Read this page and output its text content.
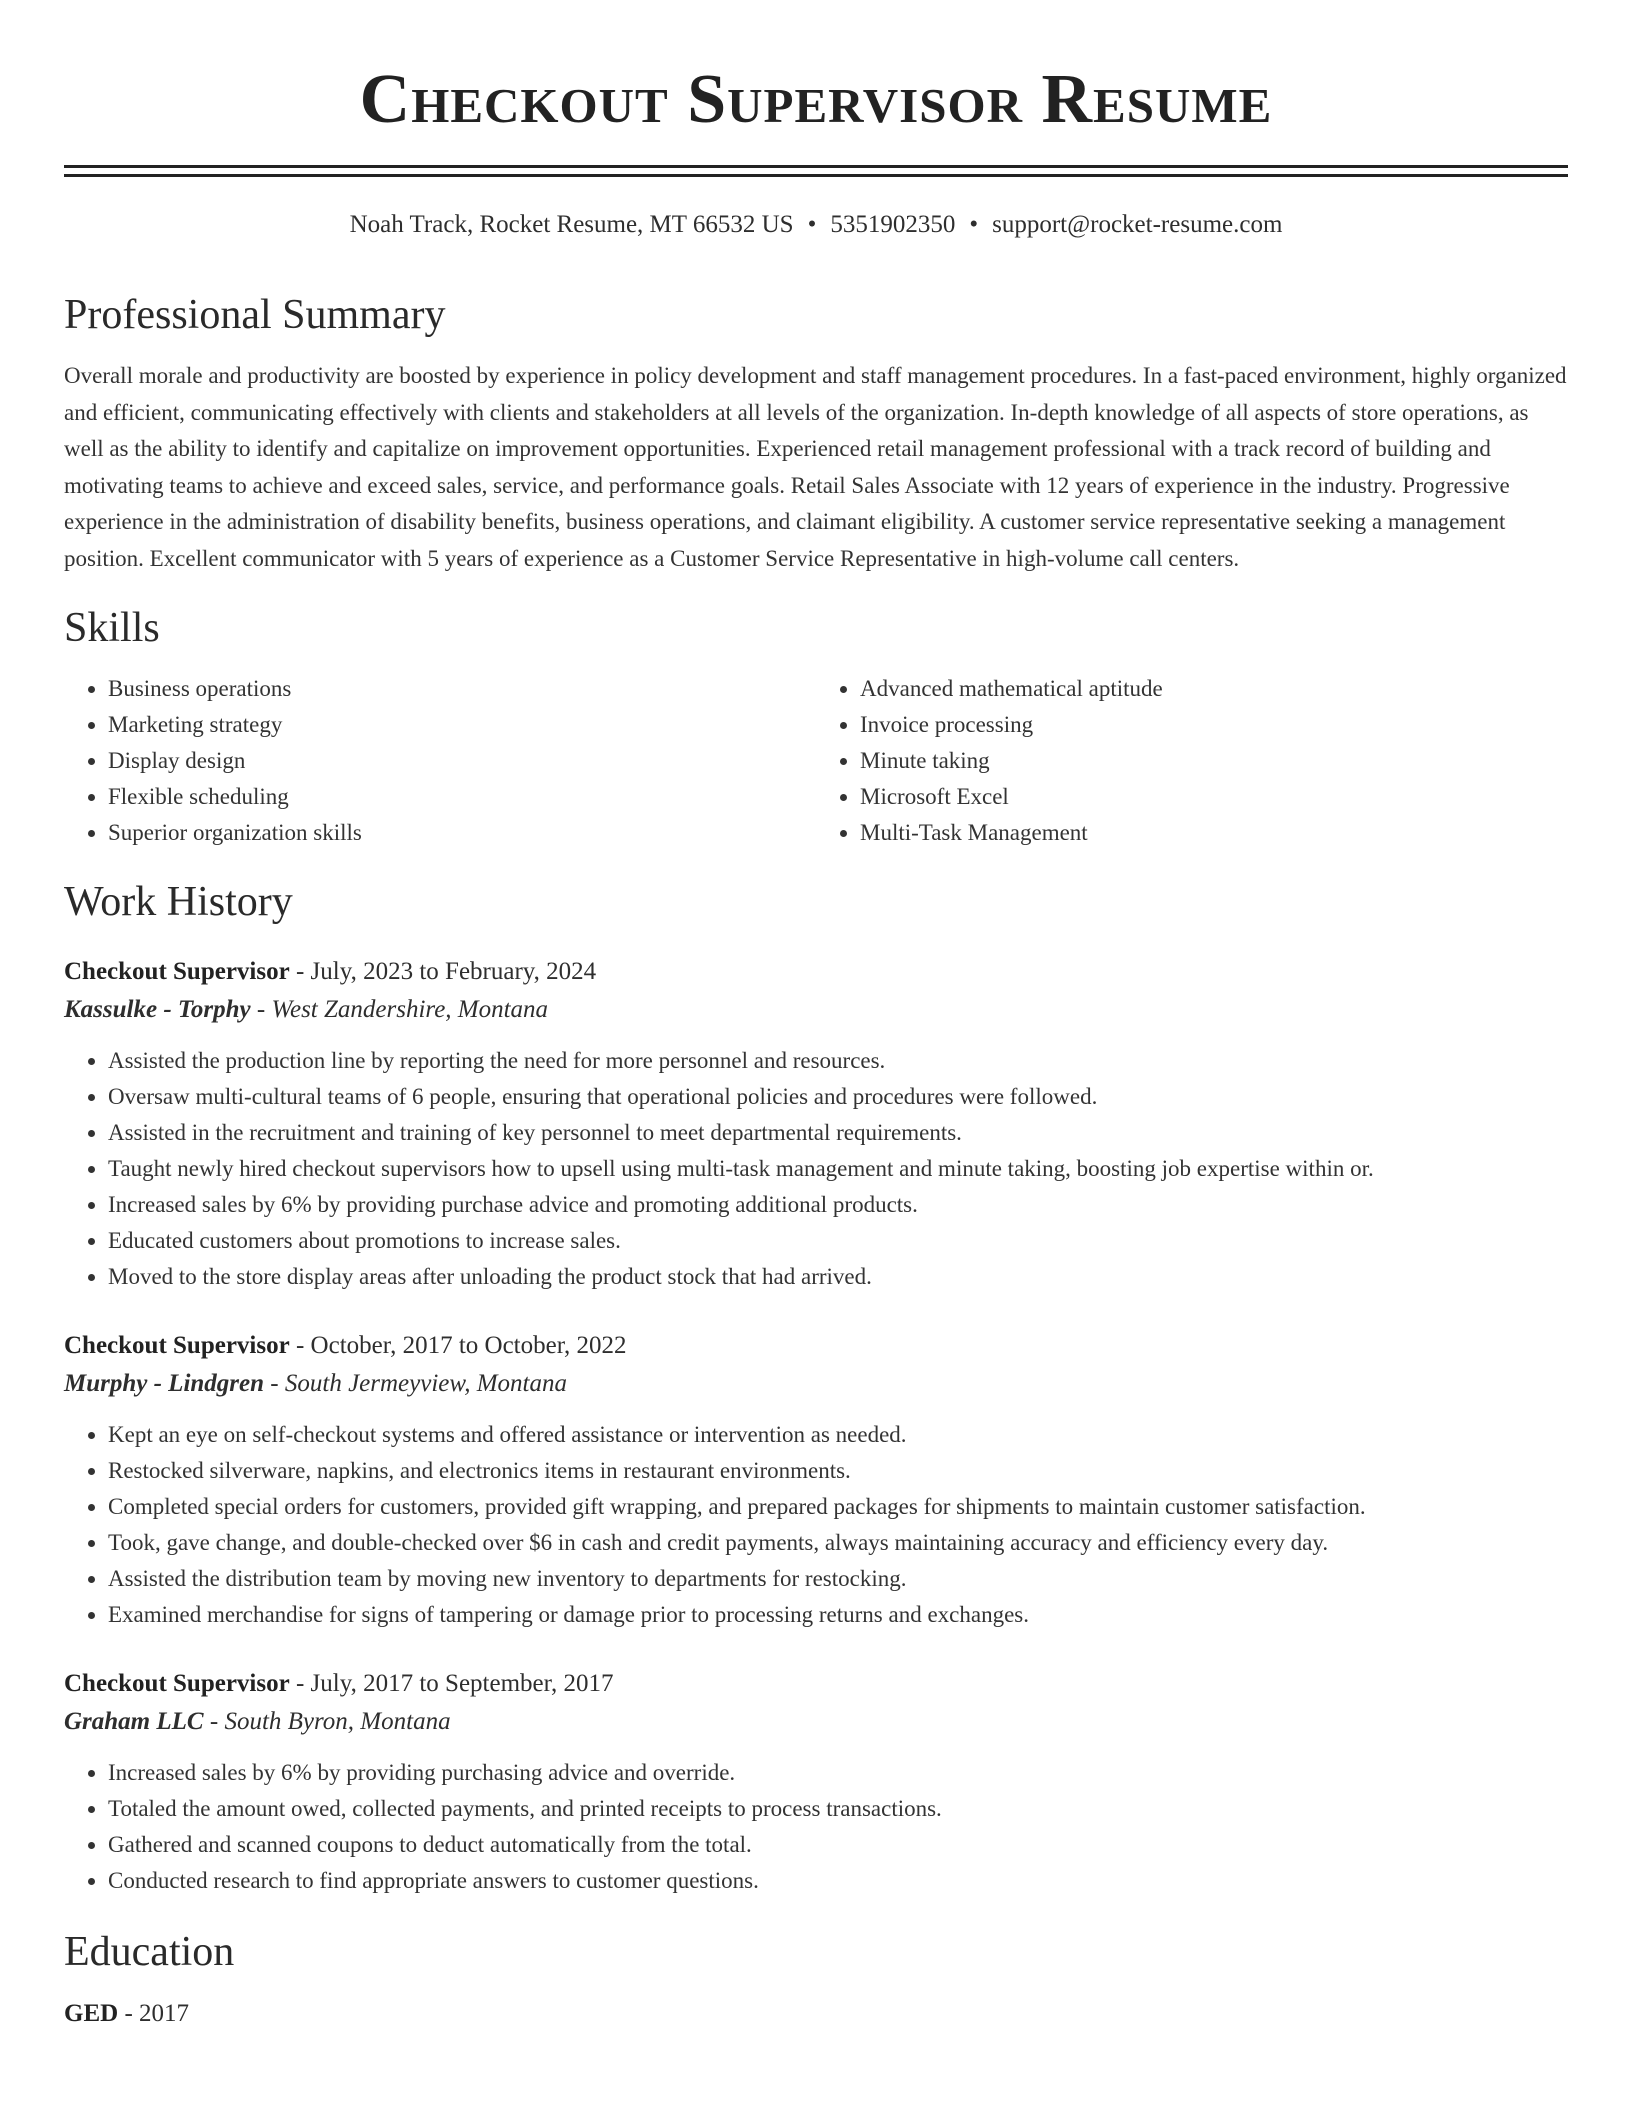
Checkout Supervisor Resume
Noah Track, Rocket Resume, MT 66532 US • 5351902350 • support@rocket-resume.com
Professional Summary

Overall morale and productivity are boosted by experience in policy development and staff management procedures. In a fast-paced environment, highly organized and efficient, communicating effectively with clients and stakeholders at all levels of the organization. In-depth knowledge of all aspects of store operations, as well as the ability to identify and capitalize on improvement opportunities. Experienced retail management professional with a track record of building and motivating teams to achieve and exceed sales, service, and performance goals. Retail Sales Associate with 12 years of experience in the industry. Progressive experience in the administration of disability benefits, business operations, and claimant eligibility. A customer service representative seeking a management position. Excellent communicator with 5 years of experience as a Customer Service Representative in high-volume call centers.

Skills
• Business operations
• Marketing strategy
• Display design
• Flexible scheduling
• Superior organization skills
• Advanced mathematical aptitude
• Invoice processing
• Minute taking
• Microsoft Excel
• Multi-Task Management
Work History
Checkout Supervisor - July, 2023 to February, 2024
Kassulke - Torphy - West Zandershire, Montana
• Assisted the production line by reporting the need for more personnel and resources.
• Oversaw multi-cultural teams of 6 people, ensuring that operational policies and procedures were followed.
• Assisted in the recruitment and training of key personnel to meet departmental requirements.
• Taught newly hired checkout supervisors how to upsell using multi-task management and minute taking, boosting job expertise within or.
• Increased sales by 6% by providing purchase advice and promoting additional products.
• Educated customers about promotions to increase sales.
• Moved to the store display areas after unloading the product stock that had arrived.
Checkout Supervisor - October, 2017 to October, 2022
Murphy - Lindgren - South Jermeyview, Montana
• Kept an eye on self-checkout systems and offered assistance or intervention as needed.
• Restocked silverware, napkins, and electronics items in restaurant environments.
• Completed special orders for customers, provided gift wrapping, and prepared packages for shipments to maintain customer satisfaction.
• Took, gave change, and double-checked over $6 in cash and credit payments, always maintaining accuracy and efficiency every day.
• Assisted the distribution team by moving new inventory to departments for restocking.
• Examined merchandise for signs of tampering or damage prior to processing returns and exchanges.
Checkout Supervisor - July, 2017 to September, 2017
Graham LLC - South Byron, Montana
• Increased sales by 6% by providing purchasing advice and override.
• Totaled the amount owed, collected payments, and printed receipts to process transactions.
• Gathered and scanned coupons to deduct automatically from the total.
• Conducted research to find appropriate answers to customer questions.
Education
GED - 2017
